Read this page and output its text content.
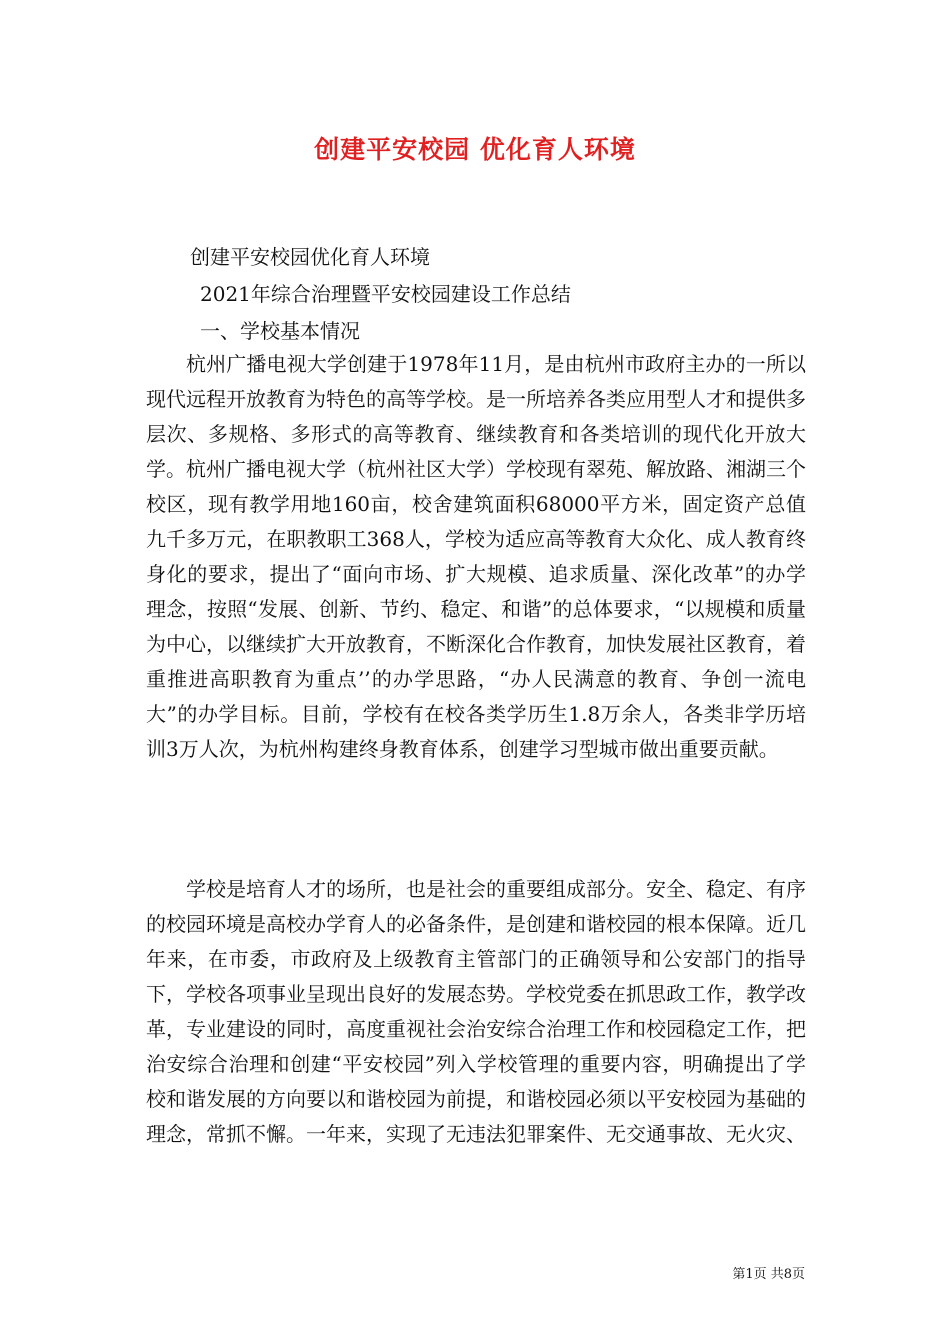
创建平安校园 优化育人环境
创建平安校园优化育人环境
2021年综合治理暨平安校园建设工作总结
一、学校基本情况
杭州广播电视大学创建于1978年11月，是由杭州市政府主办的一所以现代远程开放教育为特色的高等学校。是一所培养各类应用型人才和提供多层次、多规格、多形式的高等教育、继续教育和各类培训的现代化开放大学。杭州广播电视大学（杭州社区大学）学校现有翠苑、解放路、湘湖三个校区，现有教学用地160亩，校舍建筑面积68000平方米，固定资产总值九千多万元，在职教职工368人，学校为适应高等教育大众化、成人教育终身化的要求，提出了“面向市场、扩大规模、追求质量、深化改革”的办学理念，按照“发展、创新、节约、稳定、和谐”的总体要求，“以规模和质量为中心，以继续扩大开放教育，不断深化合作教育，加快发展社区教育，着重推进高职教育为重点’’的办学思路，“办人民满意的教育、争创一流电大”的办学目标。目前，学校有在校各类学历生1.8万余人，各类非学历培训3万人次，为杭州构建终身教育体系，创建学习型城市做出重要贡献。
学校是培育人才的场所，也是社会的重要组成部分。安全、稳定、有序的校园环境是高校办学育人的必备条件，是创建和谐校园的根本保障。近几年来，在市委，市政府及上级教育主管部门的正确领导和公安部门的指导下，学校各项事业呈现出良好的发展态势。学校党委在抓思政工作，教学改革，专业建设的同时，高度重视社会治安综合治理工作和校园稳定工作，把治安综合治理和创建“平安校园”列入学校管理的重要内容，明确提出了学校和谐发展的方向要以和谐校园为前提，和谐校园必须以平安校园为基础的理念，常抓不懈。一年来，实现了无违法犯罪案件、无交通事故、无火灾、
第1页 共8页
